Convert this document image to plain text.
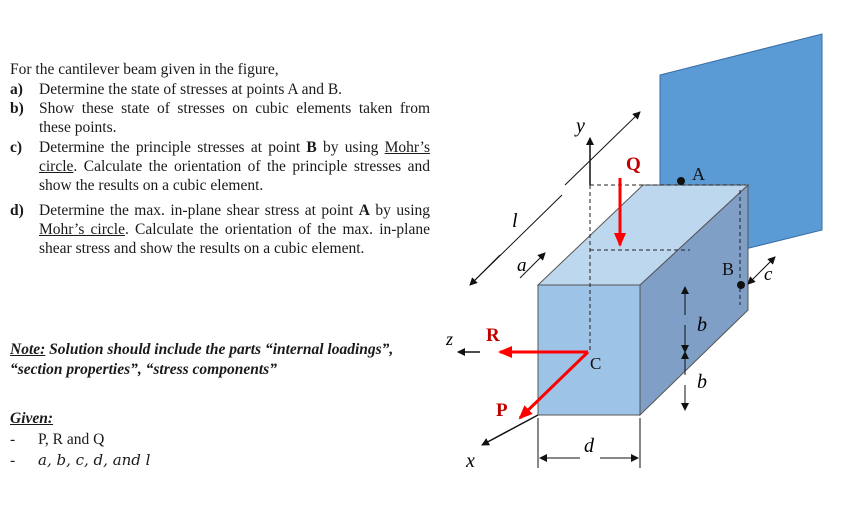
For the cantilever beam given in the figure,

a)	Determine the state of stresses at points A and B.
b) Show these state of stresses on cubic elements taken from these points.
c)	Determine the principle stresses at point B by using Mohr’s circle. Calculate the orientation of the principle stresses and show the results on a cubic element.
d) Determine the max. in-plane shear stress at point A by using Mohr’s circle. Calculate the orientation of the max. in-plane shear stress and show the results on a cubic element.
Note: Solution should include the parts “internal loadings”, “section properties”, “stress components”
Given:
-	P, R and Q
-	a, b, c, d, and l
y
z
x
l
a
Q	A
B c
b
b
d
R
P
C
